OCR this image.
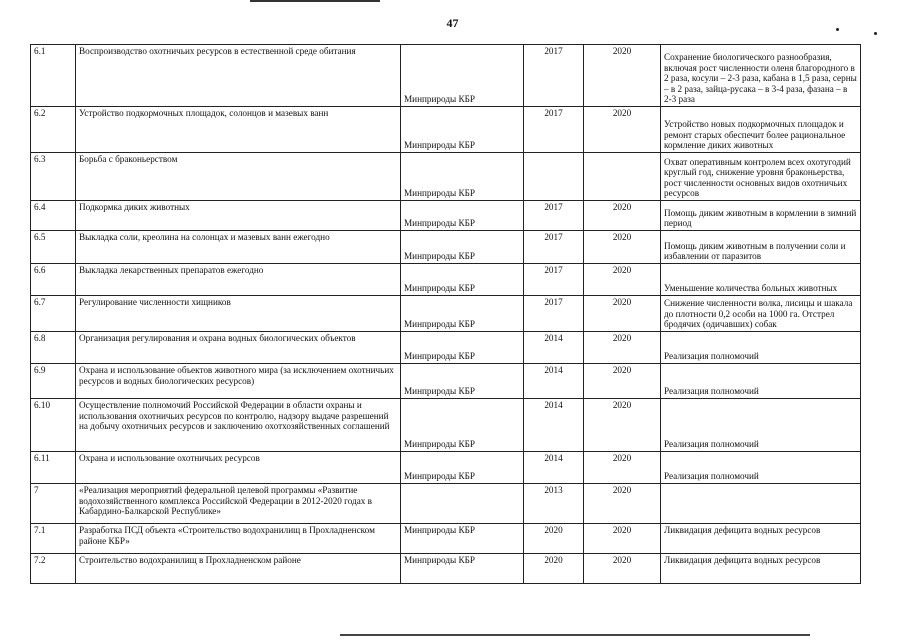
47
6.1	Воспроизводство охотничьих ресурсов в естественной среде обитания	Минприроды КБР	2017	2020	Сохранение биологического разнообразия, включая рост численности оленя благородного в 2 раза, косули – 2-3 раза, кабана в 1,5 раза, серны – в 2 раза, зайца-русака – в 3-4 раза, фазана – в 2-3 раза
6.2	Устройство подкормочных площадок, солонцов и мазевых ванн	Минприроды КБР	2017	2020	Устройство новых подкормочных площадок и ремонт старых обеспечит более рациональное кормление диких животных
6.3	Борьба с браконьерством	Минприроды КБР			Охват оперативным контролем всех охотугодий круглый год, снижение уровня браконьерства, рост численности основных видов охотничьих ресурсов
6.4	Подкормка диких животных	Минприроды КБР	2017	2020	Помощь диким животным в кормлении в зимний период
6.5	Выкладка соли, креолина на солонцах и мазевых ванн ежегодно	Минприроды КБР	2017	2020	Помощь диким животным в получении соли и избавлении от паразитов
6.6	Выкладка лекарственных препаратов ежегодно	Минприроды КБР	2017	2020	Уменьшение количества больных животных
6.7	Регулирование численности хищников	Минприроды КБР	2017	2020	Снижение численности волка, лисицы и шакала до плотности 0,2 особи на 1000 га. Отстрел бродячих (одичавших) собак
6.8	Организация регулирования и охрана водных биологических объектов	Минприроды КБР	2014	2020	Реализация полномочий
6.9	Охрана и использование объектов животного мира (за исключением охотничьих ресурсов и водных биологических ресурсов)	Минприроды КБР	2014	2020	Реализация полномочий
6.10	Осуществление полномочий Российской Федерации в области охраны и использования охотничьих ресурсов по контролю, надзору выдаче разрешений на добычу охотничьих ресурсов и заключению охотхозяйственных соглашений	Минприроды КБР	2014	2020	Реализация полномочий
6.11	Охрана и использование охотничьих ресурсов	Минприроды КБР	2014	2020	Реализация полномочий
7	«Реализация мероприятий федеральной целевой программы «Развитие водохозяйственного комплекса Российской Федерации в 2012-2020 годах в Кабардино-Балкарской Республике»		2013	2020	
7.1	Разработка ПСД объекта «Строительство водохранилищ в Прохладненском районе КБР»	Минприроды КБР	2020	2020	Ликвидация дефицита водных ресурсов
7.2	Строительство водохранилищ в Прохладненском районе	Минприроды КБР	2020	2020	Ликвидация дефицита водных ресурсов
